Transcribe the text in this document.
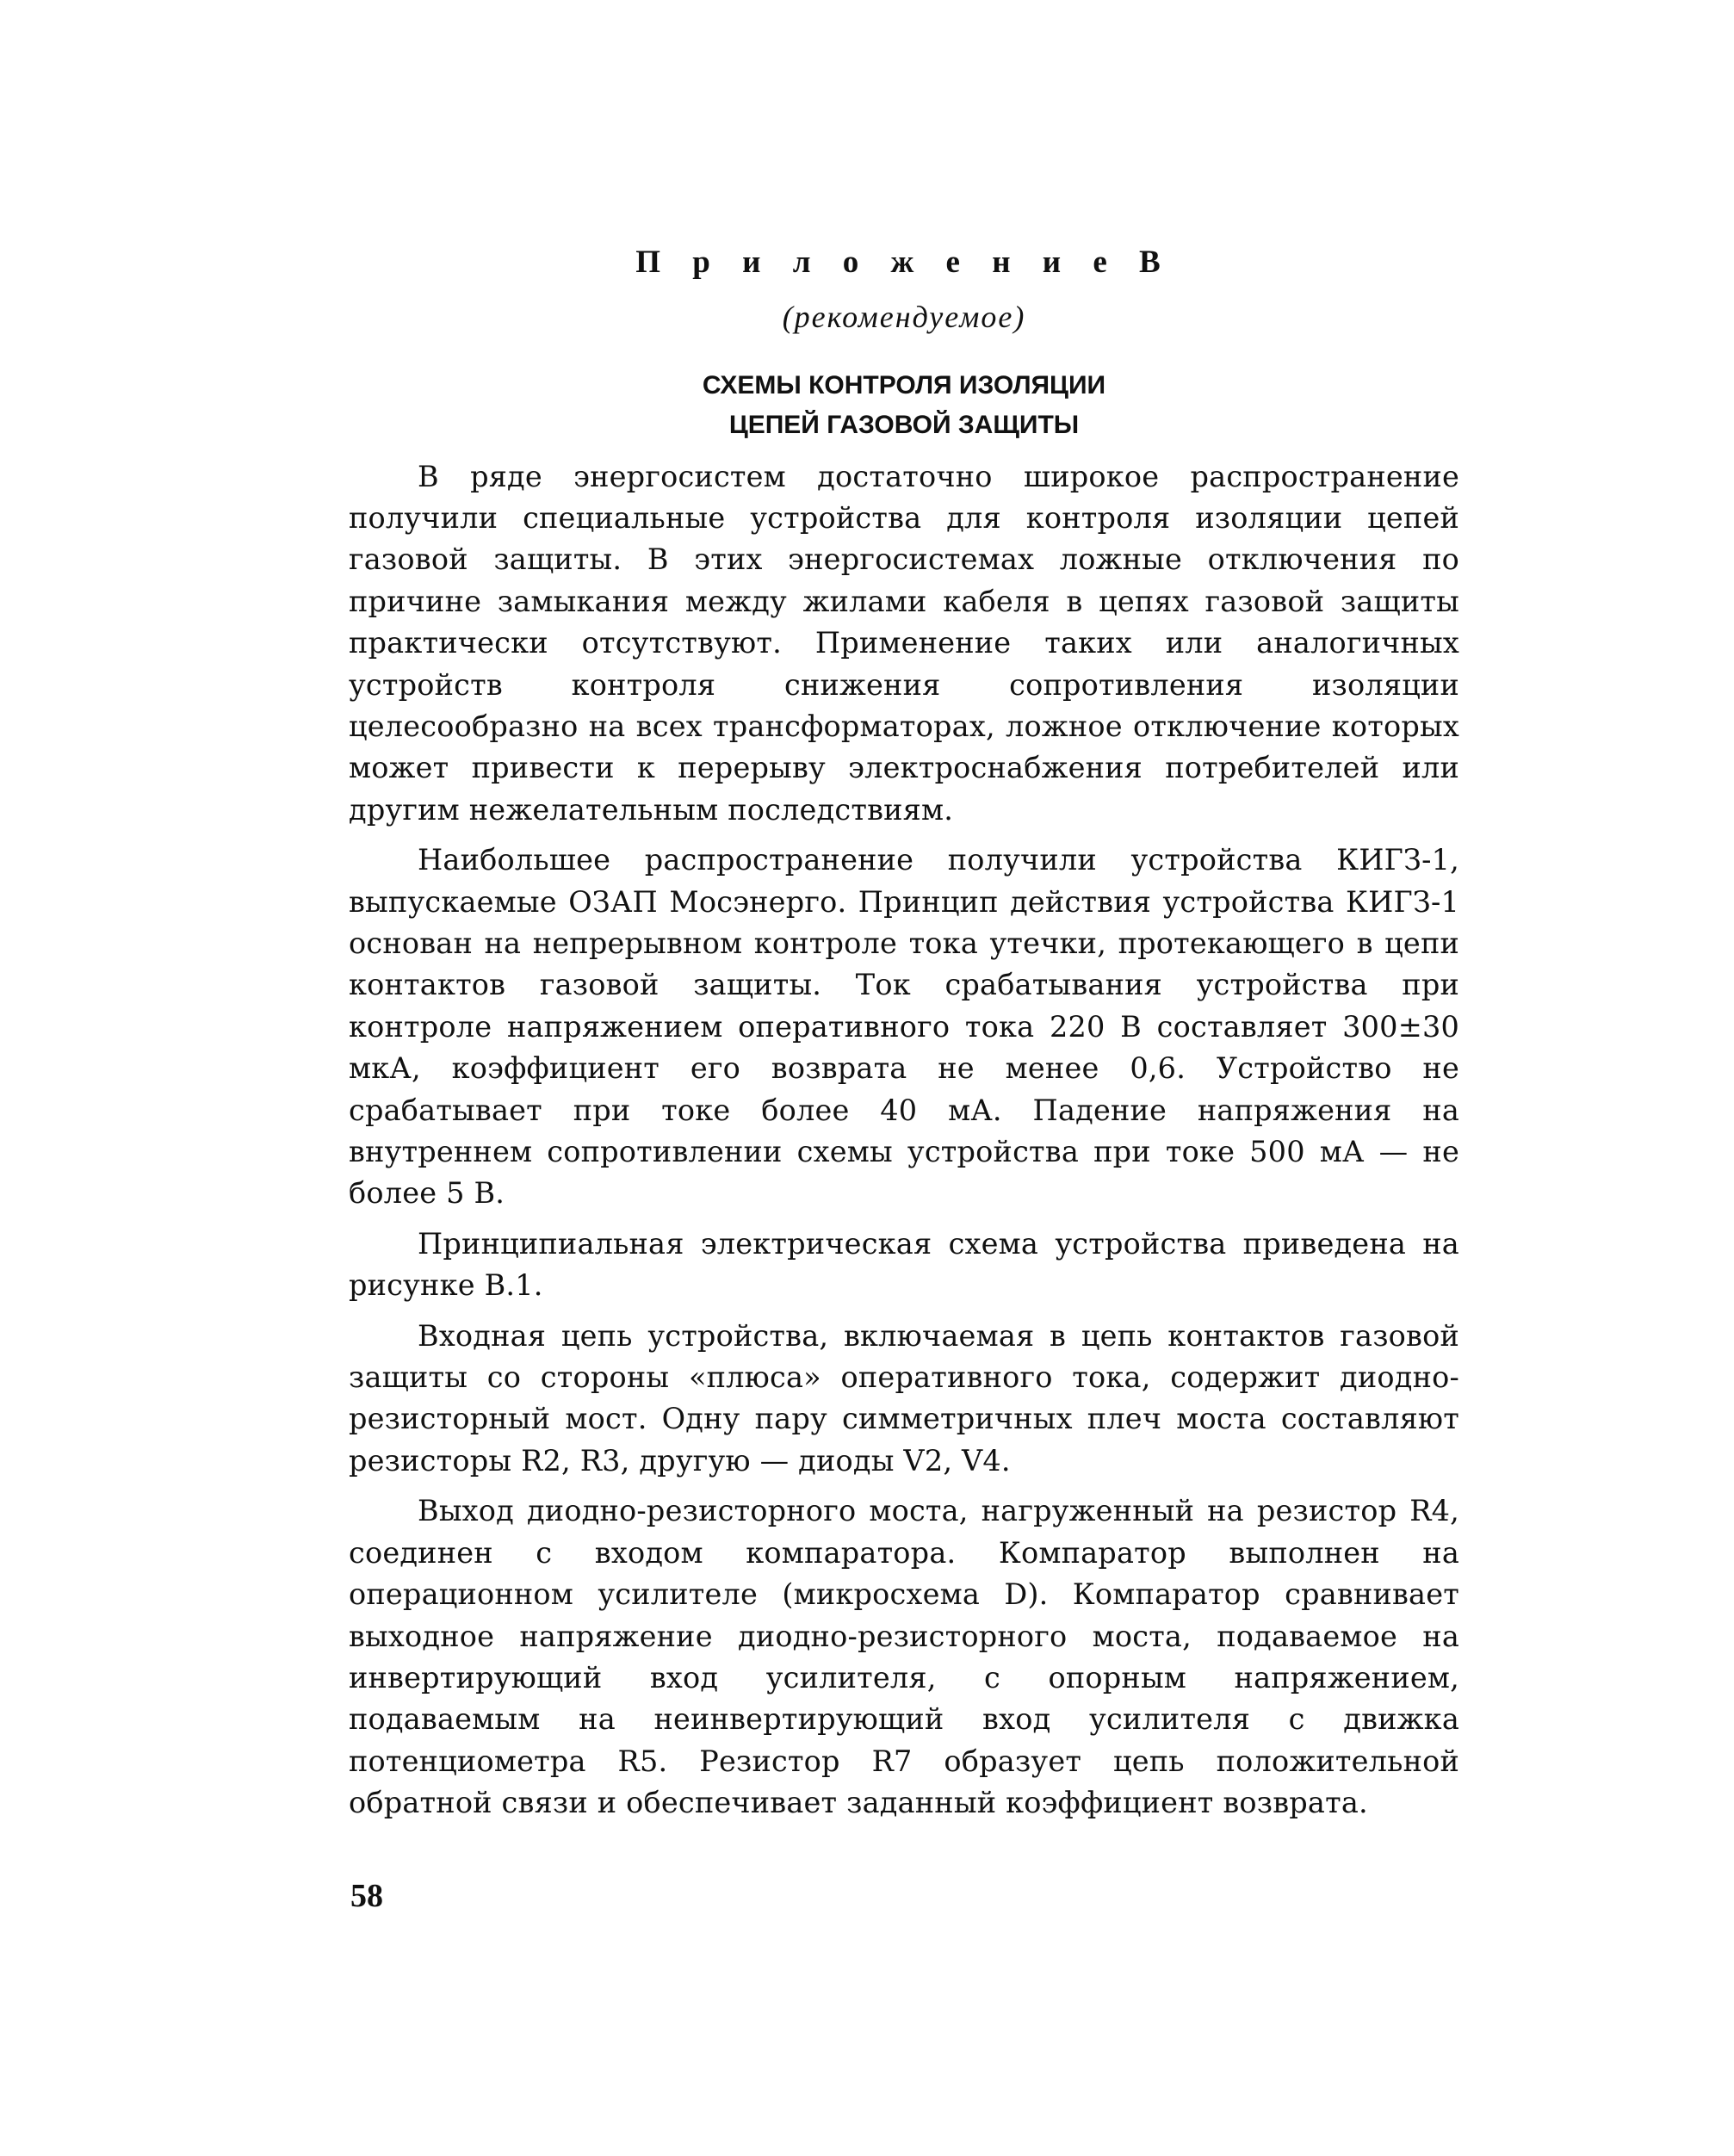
П р и л о ж е н и е В

(рекомендуемое)

СХЕМЫ КОНТРОЛЯ ИЗОЛЯЦИИ
ЦЕПЕЙ ГАЗОВОЙ ЗАЩИТЫ

В ряде энергосистем достаточно широкое распространение получили специальные устройства для контроля изоляции цепей газовой защиты. В этих энергосистемах ложные отключения по причине замыкания между жилами кабеля в цепях газовой защиты практически отсутствуют. Применение таких или аналогичных устройств контроля снижения сопротивления изоляции целесообразно на всех трансформаторах, ложное отключение которых может привести к перерыву электроснабжения потребителей или другим нежелательным последствиям.

Наибольшее распространение получили устройства КИГЗ-1, выпускаемые ОЗАП Мосэнерго. Принцип действия устройства КИГЗ-1 основан на непрерывном контроле тока утечки, протекающего в цепи контактов газовой защиты. Ток срабатывания устройства при контроле напряжением оперативного тока 220 В составляет 300±30 мкА, коэффициент его возврата не менее 0,6. Устройство не срабатывает при токе более 40 мА. Падение напряжения на внутреннем сопротивлении схемы устройства при токе 500 мА — не более 5 В.

Принципиальная электрическая схема устройства приведена на рисунке В.1.

Входная цепь устройства, включаемая в цепь контактов газовой защиты со стороны «плюса» оперативного тока, содержит диодно-резисторный мост. Одну пару симметричных плеч моста составляют резисторы R2, R3, другую — диоды V2, V4.

Выход диодно-резисторного моста, нагруженный на резистор R4, соединен с входом компаратора. Компаратор выполнен на операционном усилителе (микросхема D). Компаратор сравнивает выходное напряжение диодно-резисторного моста, подаваемое на инвертирующий вход усилителя, с опорным напряжением, подаваемым на неинвертирующий вход усилителя с движка потенциометра R5. Резистор R7 образует цепь положительной обратной связи и обеспечивает заданный коэффициент возврата.

58
